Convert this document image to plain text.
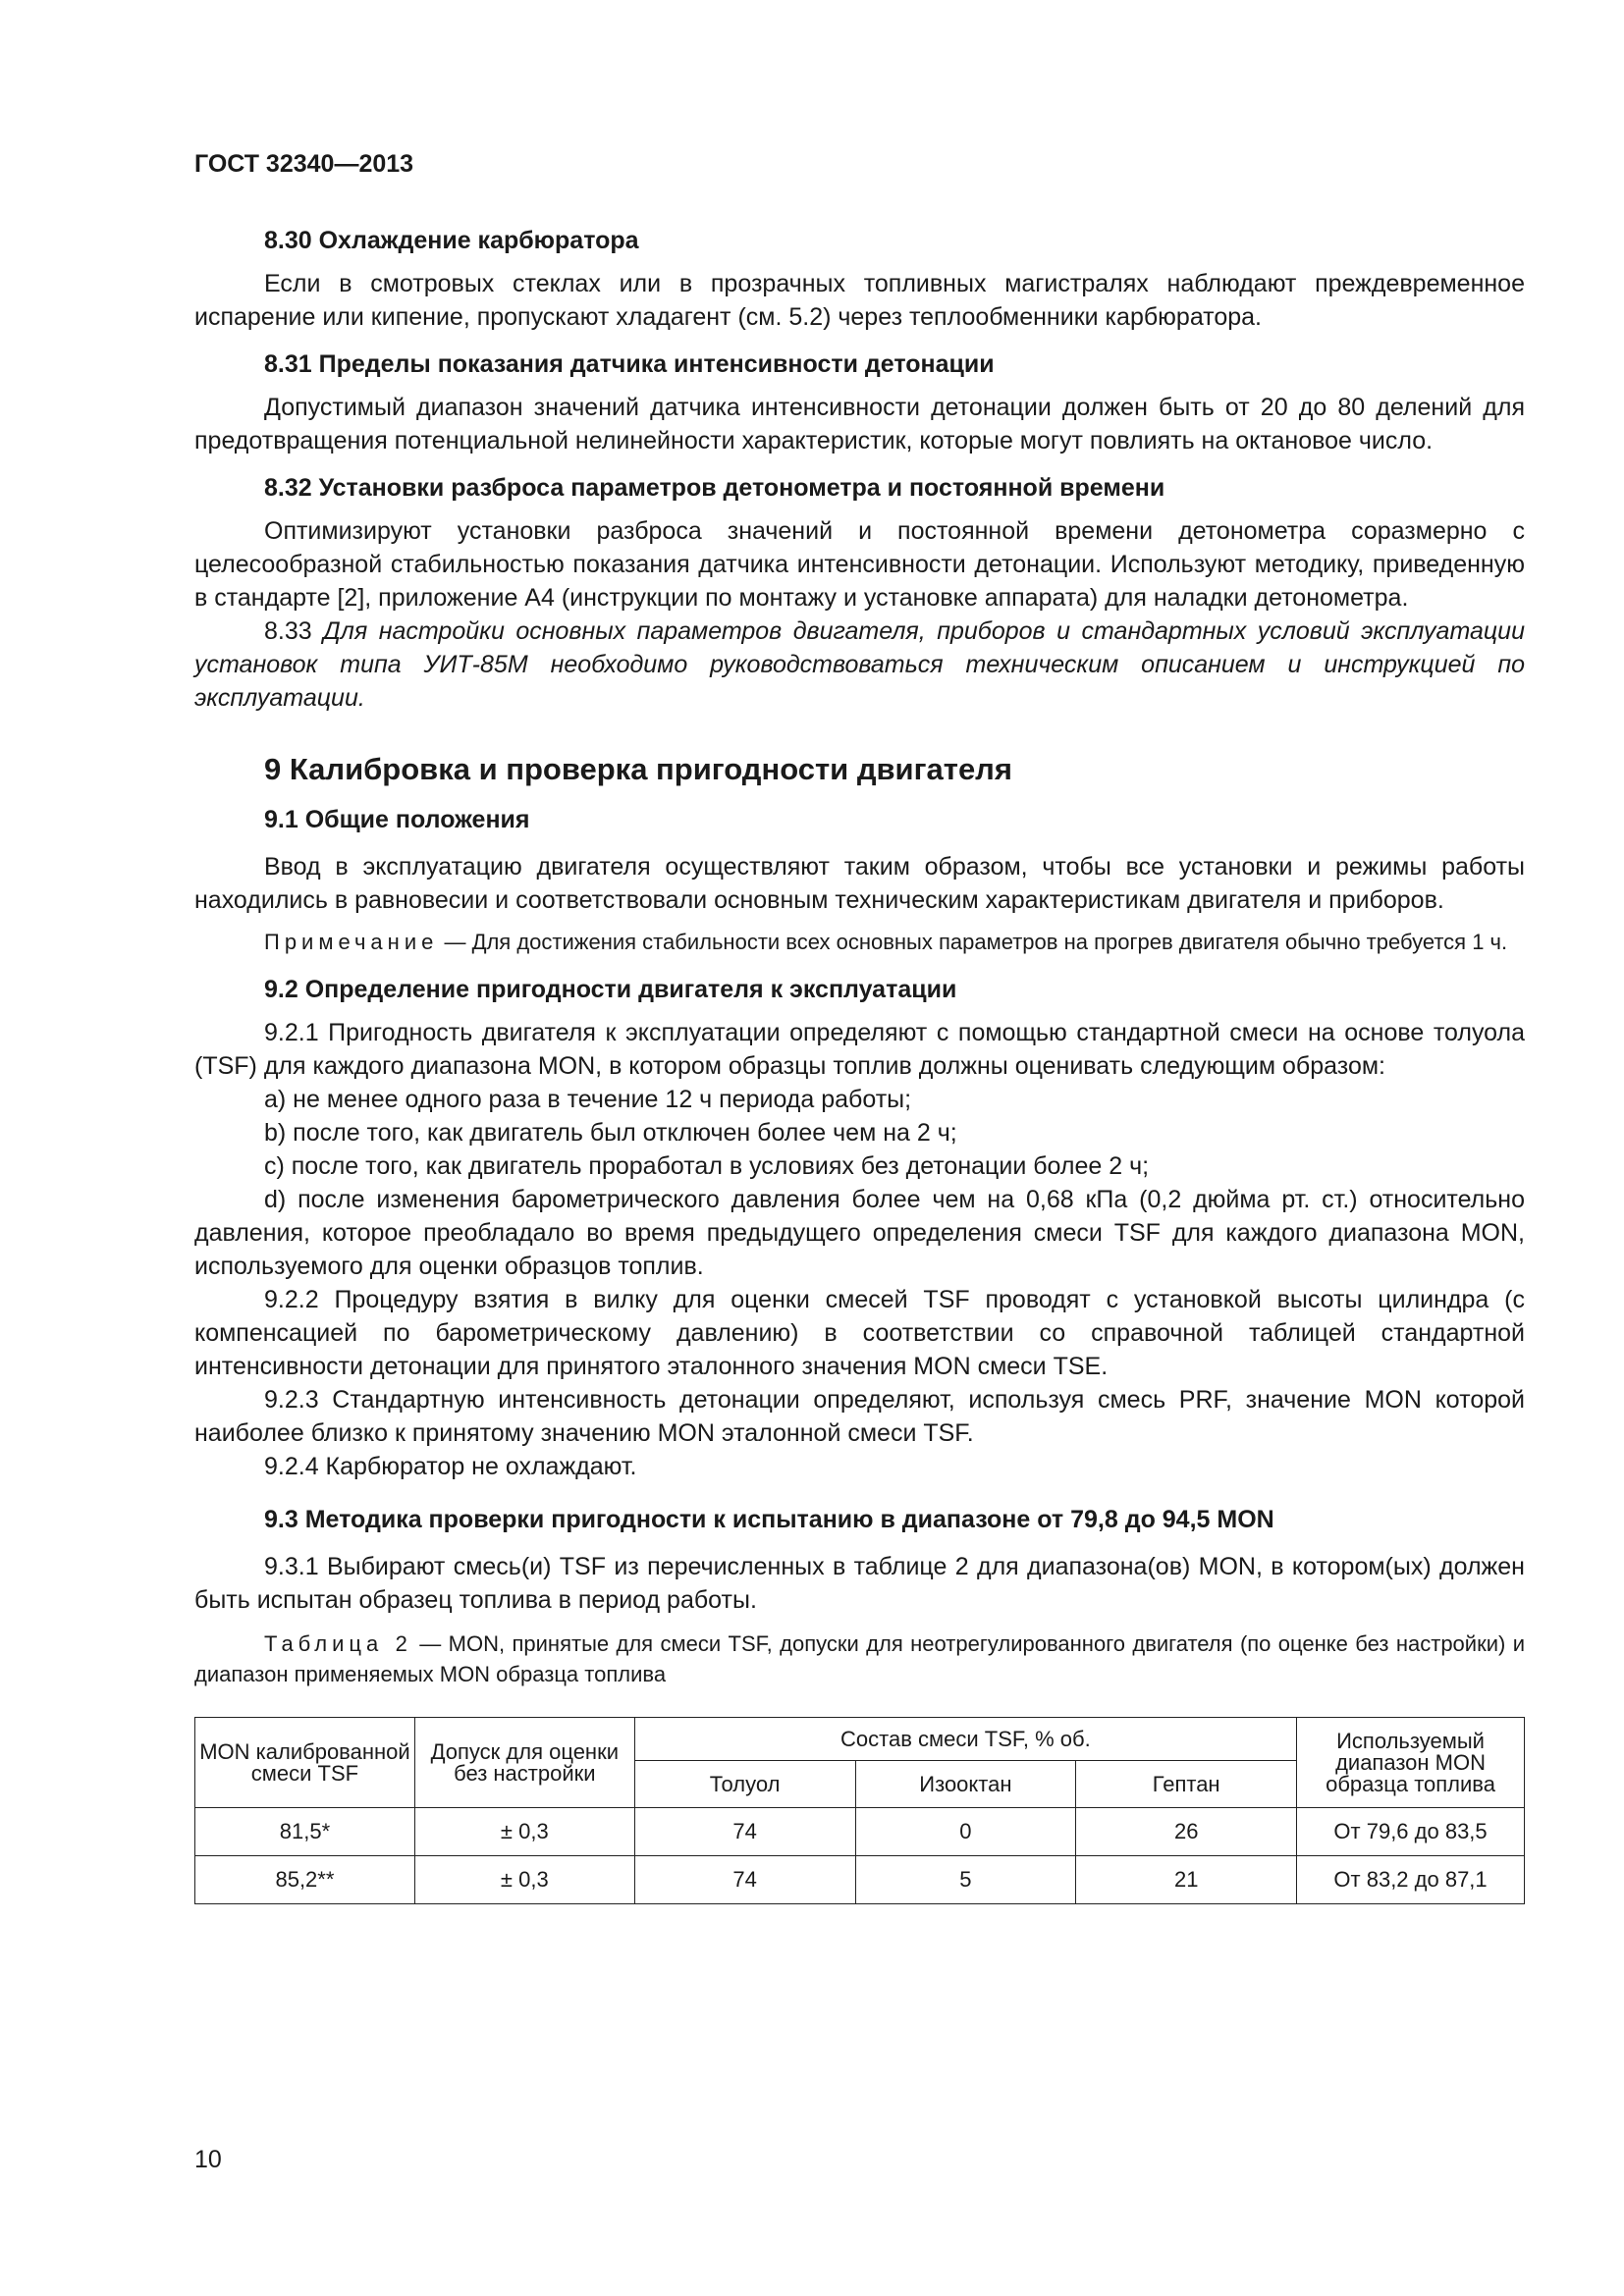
ГОСТ 32340—2013
8.30 Охлаждение карбюратора

Если в смотровых стеклах или в прозрачных топливных магистралях наблюдают преждевременное испарение или кипение, пропускают хладагент (см. 5.2) через теплообменники карбюратора.

8.31 Пределы показания датчика интенсивности детонации

Допустимый диапазон значений датчика интенсивности детонации должен быть от 20 до 80 делений для предотвращения потенциальной нелинейности характеристик, которые могут повлиять на октановое число.

8.32 Установки разброса параметров детонометра и постоянной времени

Оптимизируют установки разброса значений и постоянной времени детонометра соразмерно с целесообразной стабильностью показания датчика интенсивности детонации. Используют методику, приведенную в стандарте [2], приложение А4 (инструкции по монтажу и установке аппарата) для наладки детонометра.

8.33 Для настройки основных параметров двигателя, приборов и стандартных условий эксплуатации установок типа УИТ-85М необходимо руководствоваться техническим описанием и инструкцией по эксплуатации.

9 Калибровка и проверка пригодности двигателя
9.1 Общие положения

Ввод в эксплуатацию двигателя осуществляют таким образом, чтобы все установки и режимы работы находились в равновесии и соответствовали основным техническим характеристикам двигателя и приборов.

Примечание — Для достижения стабильности всех основных параметров на прогрев двигателя обычно требуется 1 ч.

9.2 Определение пригодности двигателя к эксплуатации

9.2.1 Пригодность двигателя к эксплуатации определяют с помощью стандартной смеси на основе толуола (TSF) для каждого диапазона MON, в котором образцы топлив должны оценивать следующим образом:

a) не менее одного раза в течение 12 ч периода работы;

b) после того, как двигатель был отключен более чем на 2 ч;

c) после того, как двигатель проработал в условиях без детонации более 2 ч;

d) после изменения барометрического давления более чем на 0,68 кПа (0,2 дюйма рт. ст.) относительно давления, которое преобладало во время предыдущего определения смеси TSF для каждого диапазона MON, используемого для оценки образцов топлив.

9.2.2 Процедуру взятия в вилку для оценки смесей TSF проводят с установкой высоты цилиндра (с компенсацией по барометрическому давлению) в соответствии со справочной таблицей стандартной интенсивности детонации для принятого эталонного значения MON смеси TSE.

9.2.3 Стандартную интенсивность детонации определяют, используя смесь PRF, значение MON которой наиболее близко к принятому значению MON эталонной смеси TSF.

9.2.4 Карбюратор не охлаждают.

9.3 Методика проверки пригодности к испытанию в диапазоне от 79,8 до 94,5 MON

9.3.1 Выбирают смесь(и) TSF из перечисленных в таблице 2 для диапазона(ов) MON, в котором(ых) должен быть испытан образец топлива в период работы.

Таблица 2 — MON, принятые для смеси TSF, допуски для неотрегулированного двигателя (по оценке без настройки) и диапазон применяемых MON образца топлива

MON калиброванной смеси TSF	Допуск для оценки без настройки	Состав смеси TSF, % об.			Используемый диапазон MON образца топлива
		Толуол	Изооктан	Гептан	
81,5*	± 0,3	74	0	26	От 79,6 до 83,5
85,2**	± 0,3	74	5	21	От 83,2 до 87,1
10
